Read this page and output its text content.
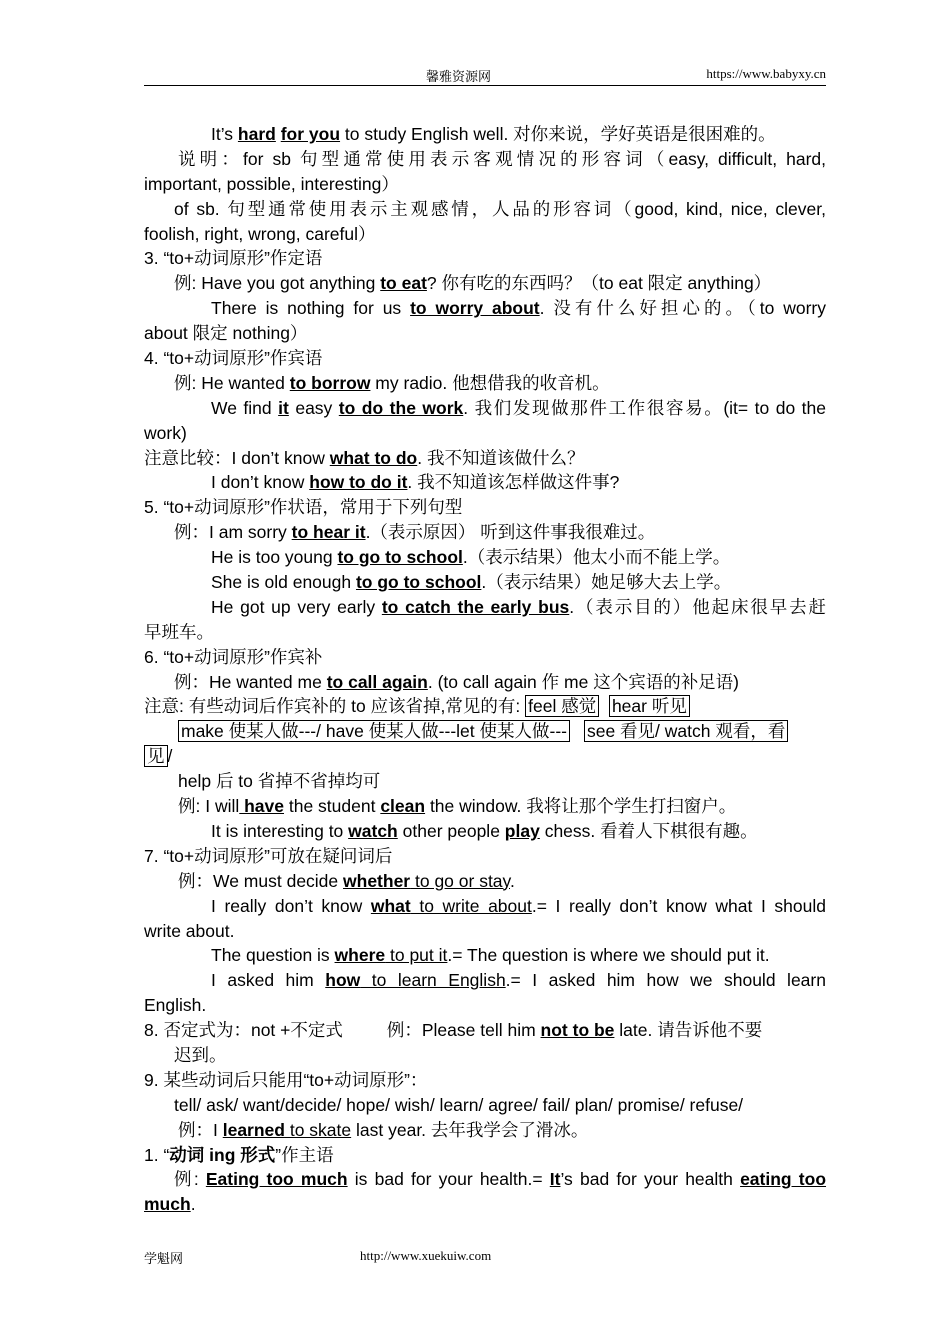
馨雅资源网	https://www.babyxy.cn
It’s hard for you to study English well. 对你来说，学好英语是很困难的。
说明：for sb 句型通常使用表示客观情况的形容词（easy, difficult, hard,
important, possible, interesting）
of sb. 句型通常使用表示主观感情，人品的形容词（good, kind, nice, clever,
foolish, right, wrong, careful）
3. “to+动词原形”作定语
例: Have you got anything to eat? 你有吃的东西吗？（to eat 限定 anything）
There is nothing for us to worry about. 没有什么好担心的。（to worry
about 限定 nothing）
4. “to+动词原形”作宾语
例: He wanted to borrow my radio. 他想借我的收音机。
We find it easy to do the work. 我们发现做那件工作很容易。(it= to do the
work)
注意比较：I don’t know what to do. 我不知道该做什么？
I don’t know how to do it. 我不知道该怎样做这件事?
5. “to+动词原形”作状语，常用于下列句型
例：I am sorry to hear it.（表示原因） 听到这件事我很难过。
He is too young to go to school.（表示结果）他太小而不能上学。
She is old enough to go to school.（表示结果）她足够大去上学。
He got up very early to catch the early bus.（表示目的）他起床很早去赶
早班车。
6. “to+动词原形”作宾补
例：He wanted me to call again. (to call again 作 me 这个宾语的补足语)
注意: 有些动词后作宾补的 to 应该省掉,常见的有: feel 感觉 hear 听见
make 使某人做---/ have 使某人做---let 使某人做--- see 看见/ watch 观看，看
见 /
help 后 to 省掉不省掉均可
例: I will have the student clean the window. 我将让那个学生打扫窗户。
It is interesting to watch other people play chess. 看着人下棋很有趣。
7. “to+动词原形”可放在疑问词后
例：We must decide whether to go or stay.
I really don’t know what to write about.= I really don’t know what I should
write about.
The question is where to put it.= The question is where we should put it.
I asked him how to learn English.= I asked him how we should learn
English.
8. 否定式为：not +不定式	例：Please tell him not to be late. 请告诉他不要
迟到。
9. 某些动词后只能用“to+动词原形”：
tell/ ask/ want/decide/ hope/ wish/ learn/ agree/ fail/ plan/ promise/ refuse/
例：I learned to skate last year. 去年我学会了滑冰。
1. “动词 ing 形式”作主语
例: Eating too much is bad for your health.= It’s bad for your health eating too
much.
学魁网	http://www.xuekuiw.com
